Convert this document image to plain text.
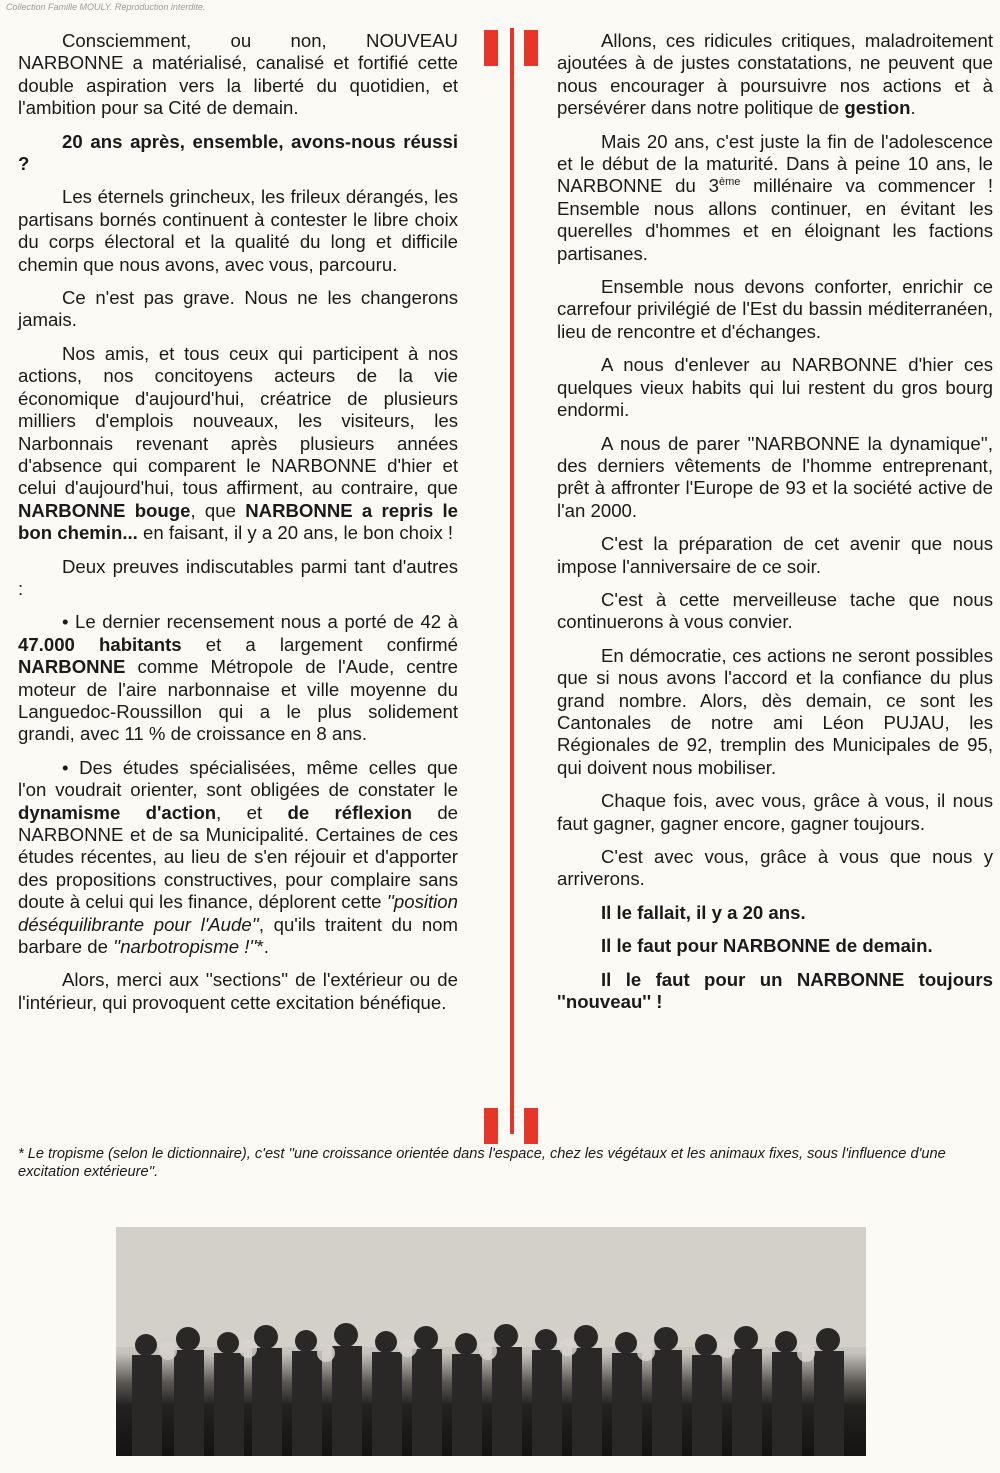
Collection Famille MOULY. Reproduction interdite.

Consciemment, ou non, NOUVEAU NARBONNE a matérialisé, canalisé et fortifié cette double aspiration vers la liberté du quotidien, et l'ambition pour sa Cité de demain.

20 ans après, ensemble, avons-nous réussi ?

Les éternels grincheux, les frileux dérangés, les partisans bornés continuent à contester le libre choix du corps électoral et la qualité du long et difficile chemin que nous avons, avec vous, parcouru.

Ce n'est pas grave. Nous ne les changerons jamais.

Nos amis, et tous ceux qui participent à nos actions, nos concitoyens acteurs de la vie économique d'aujourd'hui, créatrice de plusieurs milliers d'emplois nouveaux, les visiteurs, les Narbonnais revenant après plusieurs années d'absence qui comparent le NARBONNE d'hier et celui d'aujourd'hui, tous affirment, au contraire, que NARBONNE bouge, que NARBONNE a repris le bon chemin... en faisant, il y a 20 ans, le bon choix !

Deux preuves indiscutables parmi tant d'autres :

• Le dernier recensement nous a porté de 42 à 47.000 habitants et a largement confirmé NARBONNE comme Métropole de l'Aude, centre moteur de l'aire narbonnaise et ville moyenne du Languedoc-Roussillon qui a le plus solidement grandi, avec 11 % de croissance en 8 ans.

• Des études spécialisées, même celles que l'on voudrait orienter, sont obligées de constater le dynamisme d'action, et de réflexion de NARBONNE et de sa Municipalité. Certaines de ces études récentes, au lieu de s'en réjouir et d'apporter des propositions constructives, pour complaire sans doute à celui qui les finance, déplorent cette ''position déséquilibrante pour l'Aude'', qu'ils traitent du nom barbare de ''narbotropisme !''*.

Alors, merci aux ''sections'' de l'extérieur ou de l'intérieur, qui provoquent cette excitation bénéfique.

Allons, ces ridicules critiques, maladroitement ajoutées à de justes constatations, ne peuvent que nous encourager à poursuivre nos actions et à persévérer dans notre politique de gestion.

Mais 20 ans, c'est juste la fin de l'adolescence et le début de la maturité. Dans à peine 10 ans, le NARBONNE du 3ème millénaire va commencer ! Ensemble nous allons continuer, en évitant les querelles d'hommes et en éloignant les factions partisanes.

Ensemble nous devons conforter, enrichir ce carrefour privilégié de l'Est du bassin méditerranéen, lieu de rencontre et d'échanges.

A nous d'enlever au NARBONNE d'hier ces quelques vieux habits qui lui restent du gros bourg endormi.

A nous de parer ''NARBONNE la dynamique'', des derniers vêtements de l'homme entreprenant, prêt à affronter l'Europe de 93 et la société active de l'an 2000.

C'est la préparation de cet avenir que nous impose l'anniversaire de ce soir.

C'est à cette merveilleuse tache que nous continuerons à vous convier.

En démocratie, ces actions ne seront possibles que si nous avons l'accord et la confiance du plus grand nombre. Alors, dès demain, ce sont les Cantonales de notre ami Léon PUJAU, les Régionales de 92, tremplin des Municipales de 95, qui doivent nous mobiliser.

Chaque fois, avec vous, grâce à vous, il nous faut gagner, gagner encore, gagner toujours.

C'est avec vous, grâce à vous que nous y arriverons.

Il le fallait, il y a 20 ans.

Il le faut pour NARBONNE de demain.

Il le faut pour un NARBONNE toujours ''nouveau'' !

* Le tropisme (selon le dictionnaire), c'est ''une croissance orientée dans l'espace, chez les végétaux et les animaux fixes, sous l'influence d'une excitation extérieure''.
